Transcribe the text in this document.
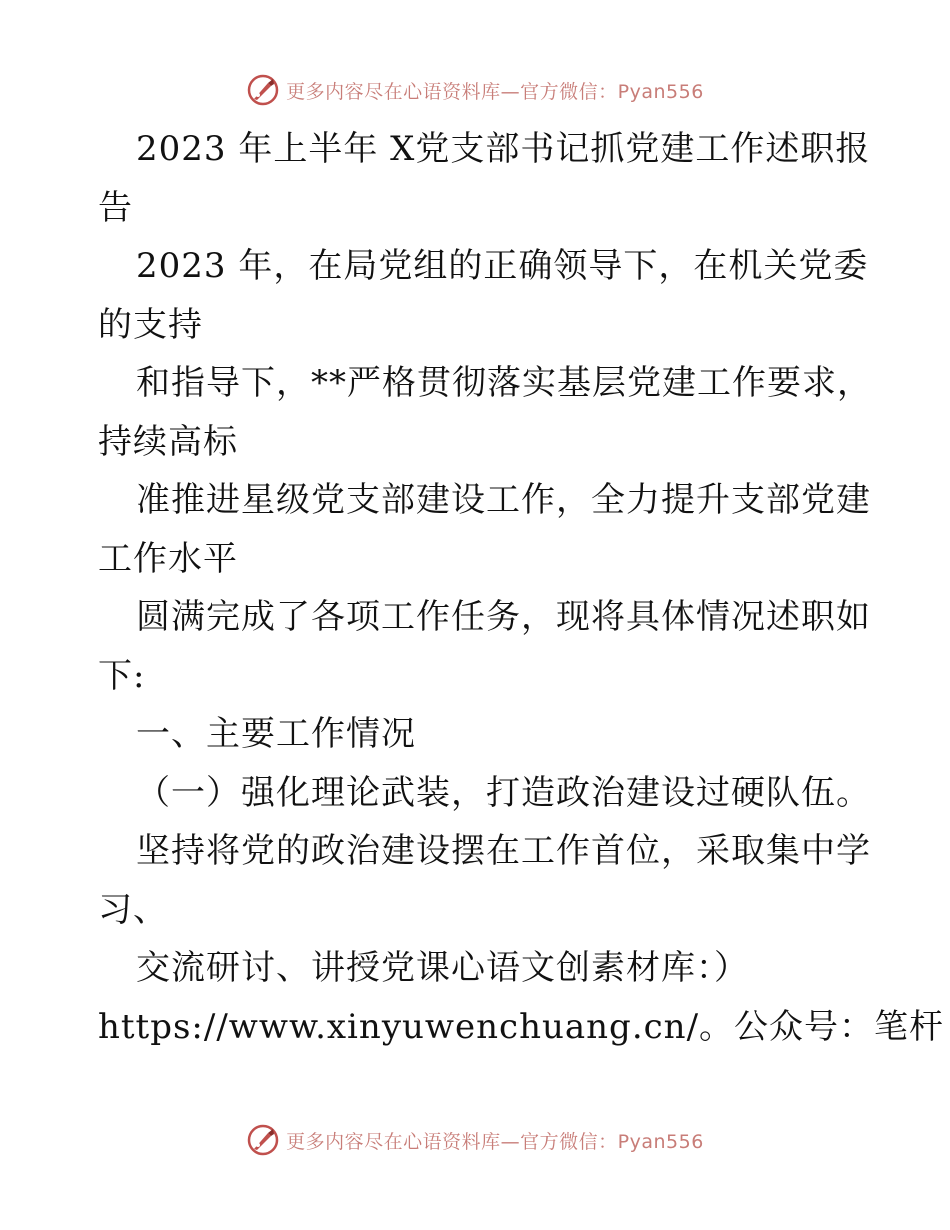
更多内容尽在心语资料库—官方微信：Pyan556
2023 年上半年 X党支部书记抓党建工作述职报
告
2023 年，在局党组的正确领导下，在机关党委
的支持
和指导下，**严格贯彻落实基层党建工作要求，
持续高标
准推进星级党支部建设工作，全力提升支部党建
工作水平
圆满完成了各项工作任务，现将具体情况述职如
下:
一、主要工作情况
（一）强化理论武装，打造政治建设过硬队伍。
坚持将党的政治建设摆在工作首位，采取集中学
习、
交流研讨、讲授党课心语文创素材库：）
https://www.xinyuwenchuang.cn/。公众号：笔杆
更多内容尽在心语资料库—官方微信：Pyan556
